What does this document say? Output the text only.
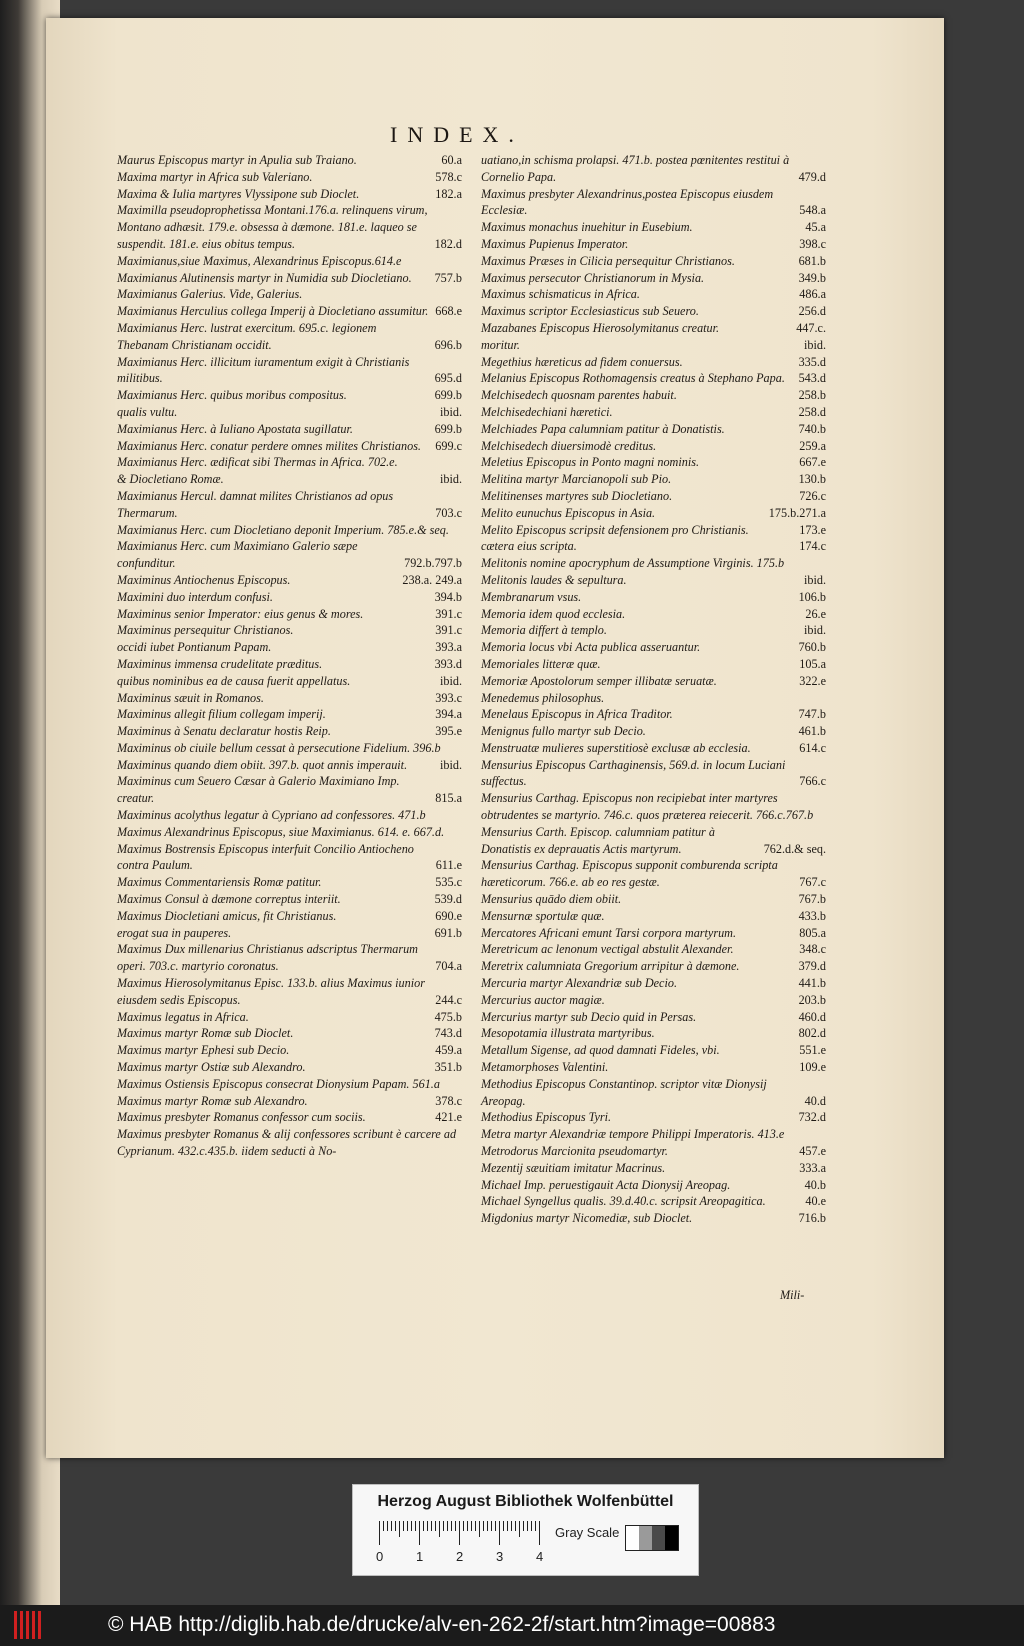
INDEX.
Maurus Episcopus martyr in Apulia sub Traiano.	60.a
Maxima martyr in Africa sub Valeriano.	578.c
Maxima & Iulia martyres Vlyssipone sub Dioclet.	182.a
Maximilla pseudoprophetissa Montani.176.a. relinquens virum, Montano adhæsit. 179.e. obsessa à dæmone. 181.e. laqueo se suspendit. 181.e. eius obitus tempus.	182.d
Maximianus,siue Maximus, Alexandrinus Episcopus.614.e
Maximianus Alutinensis martyr in Numidia sub Diocletiano.	757.b
Maximianus Galerius. Vide, Galerius.
Maximianus Herculius collega Imperij à Diocletiano assumitur. 668.e
Maximianus Herc. lustrat exercitum. 695.c. legionem Thebanam Christianam occidit.	696.b
Maximianus Herc. illicitum iuramentum exigit à Christianis militibus.	695.d
Maximianus Herc. quibus moribus compositus.	699.b
qualis vultu.	ibid.
Maximianus Herc. à Iuliano Apostata sugillatur.	699.b
Maximianus Herc. conatur perdere omnes milites Christianos.	699.c
Maximianus Herc. ædificat sibi Thermas in Africa. 702.e.
& Diocletiano Romæ.	ibid.
Maximianus Hercul. damnat milites Christianos ad opus Thermarum.	703.c
Maximianus Herc. cum Diocletiano deponit Imperium. 785.e.& seq.
Maximianus Herc. cum Maximiano Galerio sæpe confunditur.	792.b.797.b
Maximinus Antiochenus Episcopus.	238.a. 249.a
Maximini duo interdum confusi.	394.b
Maximinus senior Imperator: eius genus & mores.	391.c
Maximinus persequitur Christianos.	391.c
occidi iubet Pontianum Papam.	393.a
Maximinus immensa crudelitate præditus.	393.d
quibus nominibus ea de causa fuerit appellatus.	ibid.
Maximinus sæuit in Romanos.	393.c
Maximinus allegit filium collegam imperij.	394.a
Maximinus à Senatu declaratur hostis Reip.	395.e
Maximinus ob ciuile bellum cessat à persecutione Fidelium. 396.b
Maximinus quando diem obiit. 397.b. quot annis imperauit.	ibid.
Maximinus cum Seuero Cæsar à Galerio Maximiano Imp. creatur.	815.a
Maximinus acolythus legatur à Cypriano ad confessores. 471.b
Maximus Alexandrinus Episcopus, siue Maximianus. 614. e. 667.d.
Maximus Bostrensis Episcopus interfuit Concilio Antiocheno contra Paulum.	611.e
Maximus Commentariensis Romæ patitur.	535.c
Maximus Consul à dæmone correptus interiit.	539.d
Maximus Diocletiani amicus, fit Christianus.	690.e
erogat sua in pauperes.	691.b
Maximus Dux millenarius Christianus adscriptus Thermarum operi. 703.c. martyrio coronatus.	704.a
Maximus Hierosolymitanus Episc. 133.b. alius Maximus iunior eiusdem sedis Episcopus.	244.c
Maximus legatus in Africa.	475.b
Maximus martyr Romæ sub Dioclet.	743.d
Maximus martyr Ephesi sub Decio.	459.a
Maximus martyr Ostiæ sub Alexandro.	351.b
Maximus Ostiensis Episcopus consecrat Dionysium Papam. 561.a
Maximus martyr Romæ sub Alexandro.	378.c
Maximus presbyter Romanus confessor cum sociis.	421.e
Maximus presbyter Romanus & alij confessores scribunt è carcere ad Cyprianum. 432.c.435.b. iidem seducti à No-
uatiano,in schisma prolapsi. 471.b. postea pœnitentes restitui à Cornelio Papa.	479.d
Maximus presbyter Alexandrinus,postea Episcopus eiusdem Ecclesiæ.	548.a
Maximus monachus inuehitur in Eusebium.	45.a
Maximus Pupienus Imperator.	398.c
Maximus Præses in Cilicia persequitur Christianos.	681.b
Maximus persecutor Christianorum in Mysia.	349.b
Maximus schismaticus in Africa.	486.a
Maximus scriptor Ecclesiasticus sub Seuero.	256.d
Mazabanes Episcopus Hierosolymitanus creatur.	447.c.
moritur.	ibid.
Megethius hæreticus ad fidem conuersus.	335.d
Melanius Episcopus Rothomagensis creatus à Stephano Papa.	543.d
Melchisedech quosnam parentes habuit.	258.b
Melchisedechiani hæretici.	258.d
Melchiades Papa calumniam patitur à Donatistis.	740.b
Melchisedech diuersimodè creditus.	259.a
Meletius Episcopus in Ponto magni nominis.	667.e
Melitina martyr Marcianopoli sub Pio.	130.b
Melitinenses martyres sub Diocletiano.	726.c
Melito eunuchus Episcopus in Asia.	175.b.271.a
Melito Episcopus scripsit defensionem pro Christianis.	173.e
cætera eius scripta.	174.c
Melitonis nomine apocryphum de Assumptione Virginis. 175.b
Melitonis laudes & sepultura.	ibid.
Membranarum vsus.	106.b
Memoria idem quod ecclesia.	26.e
Memoria differt à templo.	ibid.
Memoria locus vbi Acta publica asseruantur.	760.b
Memoriales litteræ quæ.	105.a
Memoriæ Apostolorum semper illibatæ seruatæ.	322.e
Menedemus philosophus.
Menelaus Episcopus in Africa Traditor.	747.b
Menignus fullo martyr sub Decio.	461.b
Menstruatæ mulieres superstitiosè exclusæ ab ecclesia.	614.c
Mensurius Episcopus Carthaginensis, 569.d. in locum Luciani suffectus.	766.c
Mensurius Carthag. Episcopus non recipiebat inter martyres obtrudentes se martyrio. 746.c. quos præterea reiecerit. 766.c.767.b
Mensurius Carth. Episcop. calumniam patitur à Donatistis ex deprauatis Actis martyrum.	762.d.& seq.
Mensurius Carthag. Episcopus supponit comburenda scripta hæreticorum. 766.e. ab eo res gestæ.	767.c
Mensurius quādo diem obiit.	767.b
Mensurnæ sportulæ quæ.	433.b
Mercatores Africani emunt Tarsi corpora martyrum.	805.a
Meretricum ac lenonum vectigal abstulit Alexander.	348.c
Meretrix calumniata Gregorium arripitur à dæmone.	379.d
Mercuria martyr Alexandriæ sub Decio.	441.b
Mercurius auctor magiæ.	203.b
Mercurius martyr sub Decio quid in Persas.	460.d
Mesopotamia illustrata martyribus.	802.d
Metallum Sigense, ad quod damnati Fideles, vbi.	551.e
Metamorphoses Valentini.	109.e
Methodius Episcopus Constantinop. scriptor vitæ Dionysij Areopag.	40.d
Methodius Episcopus Tyri.	732.d
Metra martyr Alexandriæ tempore Philippi Imperatoris. 413.e
Metrodorus Marcionita pseudomartyr.	457.e
Mezentij sæuitiam imitatur Macrinus.	333.a
Michael Imp. peruestigauit Acta Dionysij Areopag.	40.b
Michael Syngellus qualis. 39.d.40.c. scripsit Areopagitica.	40.e
Migdonius martyr Nicomediæ, sub Dioclet.	716.b
Mili-
Herzog August Bibliothek Wolfenbüttel
0	1	2	3	4
Gray Scale
© HAB http://diglib.hab.de/drucke/alv-en-262-2f/start.htm?image=00883
